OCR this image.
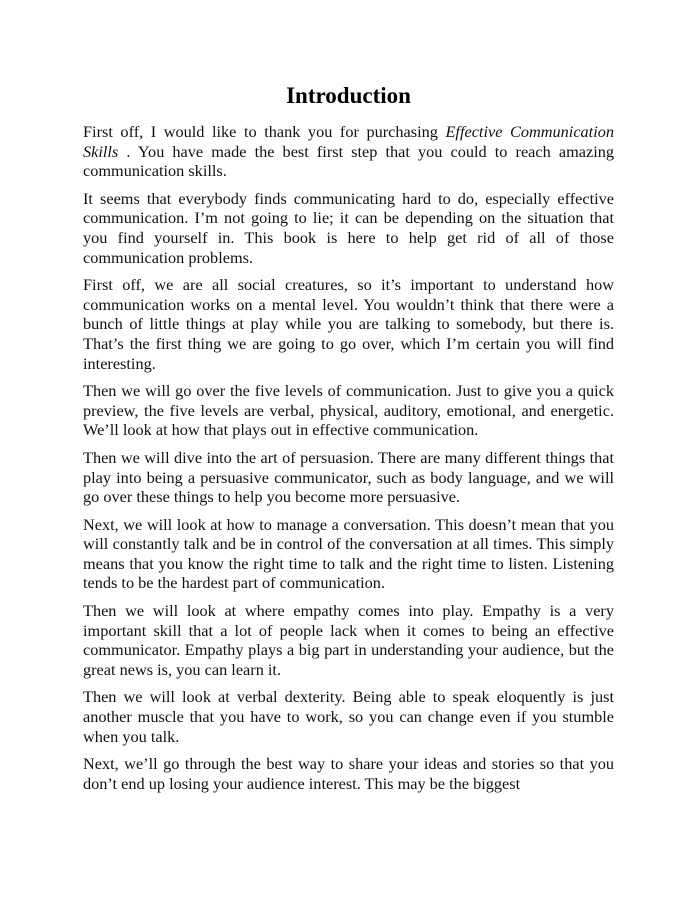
Introduction

First off, I would like to thank you for purchasing Effective Communication Skills . You have made the best first step that you could to reach amazing communication skills.

It seems that everybody finds communicating hard to do, especially effective communication. I’m not going to lie; it can be depending on the situation that you find yourself in. This book is here to help get rid of all of those communication problems.

First off, we are all social creatures, so it’s important to understand how communication works on a mental level. You wouldn’t think that there were a bunch of little things at play while you are talking to somebody, but there is. That’s the first thing we are going to go over, which I’m certain you will find interesting.

Then we will go over the five levels of communication. Just to give you a quick preview, the five levels are verbal, physical, auditory, emotional, and energetic. We’ll look at how that plays out in effective communication.

Then we will dive into the art of persuasion. There are many different things that play into being a persuasive communicator, such as body language, and we will go over these things to help you become more persuasive.

Next, we will look at how to manage a conversation. This doesn’t mean that you will constantly talk and be in control of the conversation at all times. This simply means that you know the right time to talk and the right time to listen. Listening tends to be the hardest part of communication.

Then we will look at where empathy comes into play. Empathy is a very important skill that a lot of people lack when it comes to being an effective communicator. Empathy plays a big part in understanding your audience, but the great news is, you can learn it.

Then we will look at verbal dexterity. Being able to speak eloquently is just another muscle that you have to work, so you can change even if you stumble when you talk.

Next, we’ll go through the best way to share your ideas and stories so that you don’t end up losing your audience interest. This may be the biggest
